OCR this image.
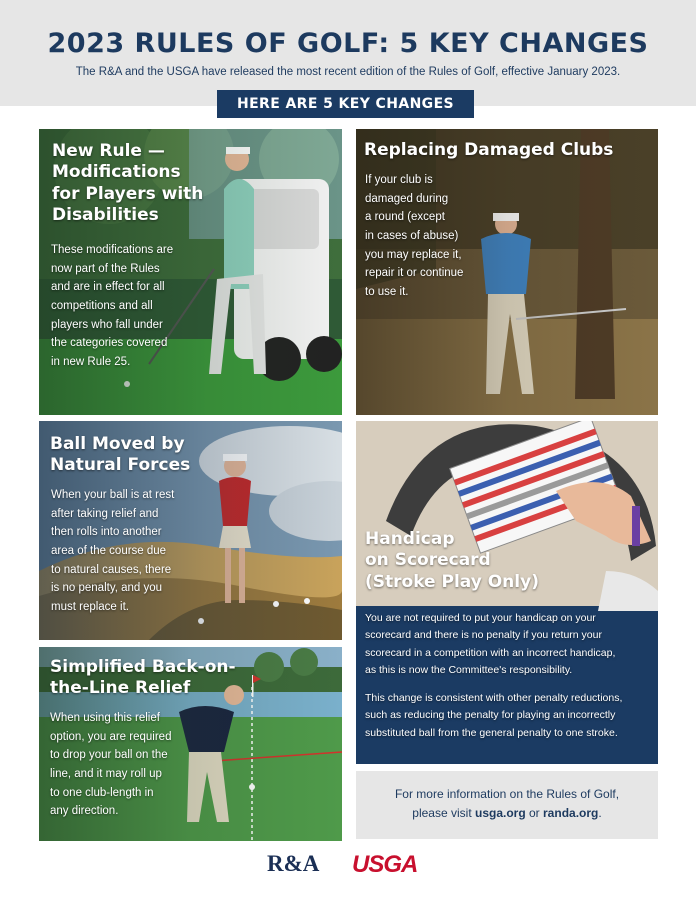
2023 RULES OF GOLF: 5 KEY CHANGES
The R&A and the USGA have released the most recent edition of the Rules of Golf, effective January 2023.
HERE ARE 5 KEY CHANGES
New Rule —
Modifications
for Players with
Disabilities
These modifications are
now part of the Rules
and are in effect for all
competitions and all
players who fall under
the categories covered
in new Rule 25.
Replacing Damaged Clubs
If your club is
damaged during
a round (except
in cases of abuse)
you may replace it,
repair it or continue
to use it.
Ball Moved by
Natural Forces
When your ball is at rest
after taking relief and
then rolls into another
area of the course due
to natural causes, there
is no penalty, and you
must replace it.
Handicap
on Scorecard
(Stroke Play Only)
You are not required to put your handicap on your
scorecard and there is no penalty if you return your
scorecard in a competition with an incorrect handicap,
as this is now the Committee's responsibility.
This change is consistent with other penalty reductions,
such as reducing the penalty for playing an incorrectly
substituted ball from the general penalty to one stroke.
Simplified Back-on-
the-Line Relief
When using this relief
option, you are required
to drop your ball on the
line, and it may roll up
to one club-length in
any direction.
For more information on the Rules of Golf,
please visit usga.org or randa.org.
R&A USGA
